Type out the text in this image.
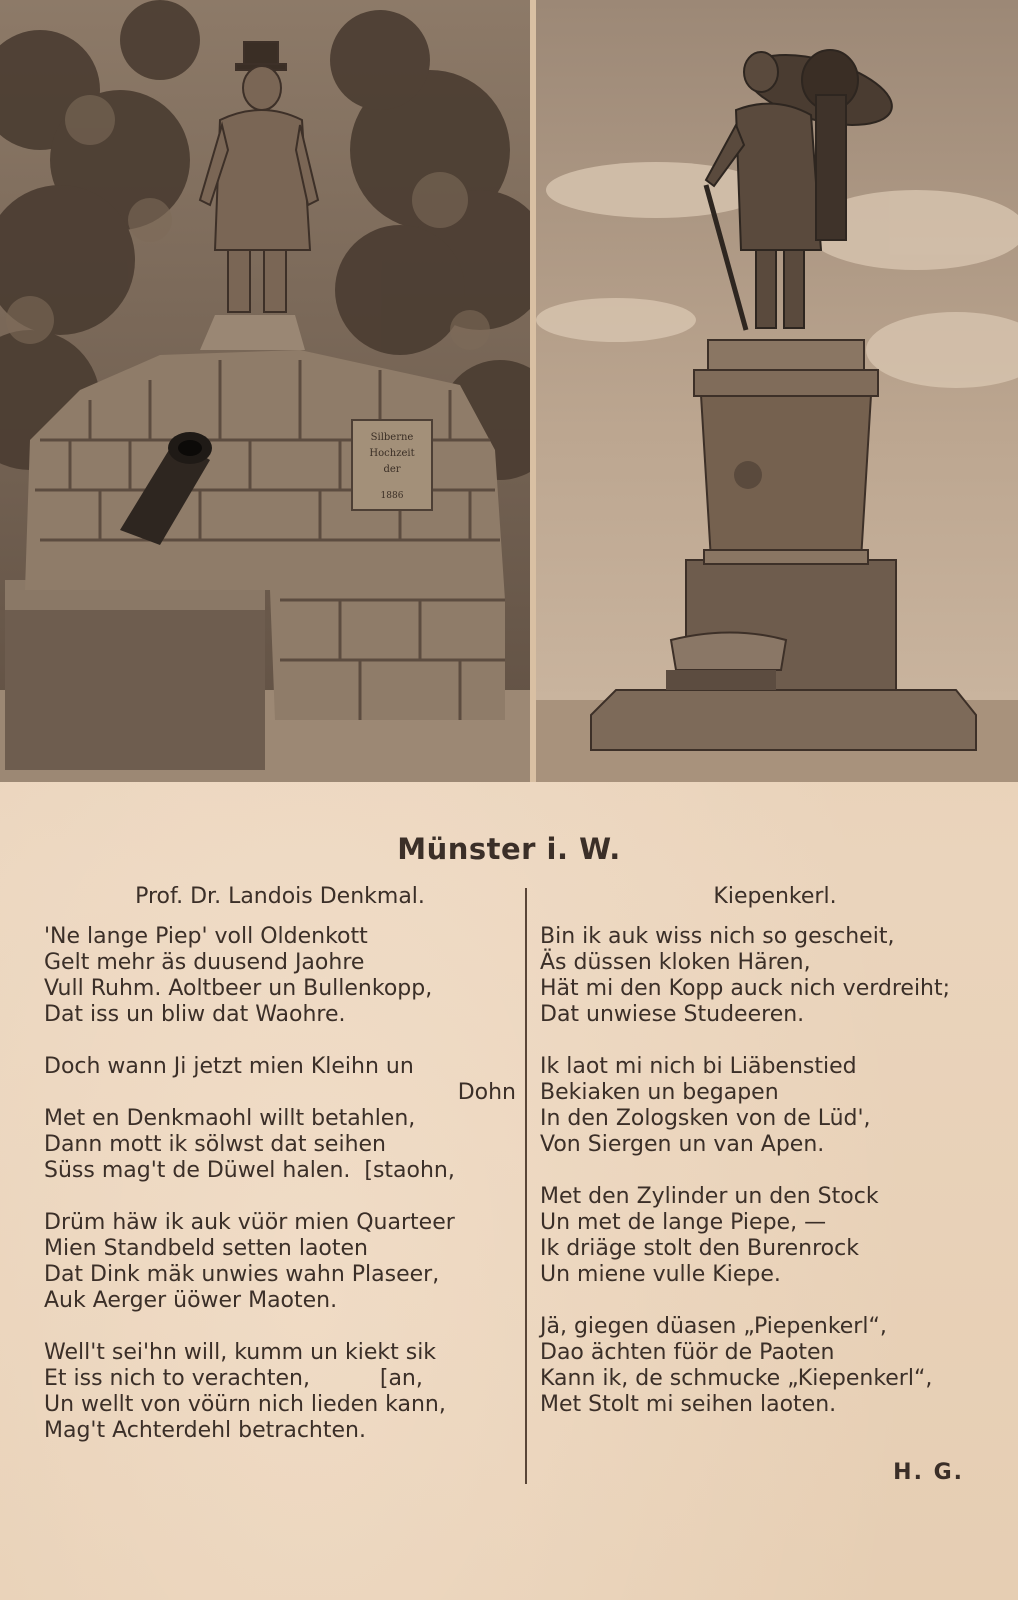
Silberne
Hochzeit
der
1886
Münster i. W.
Prof. Dr. Landois Denkmal.
'Ne lange Piep' voll Oldenkott
Gelt mehr äs duusend Jaohre
Vull Ruhm. Aoltbeer un Bullenkopp,
Dat iss un bliw dat Waohre.
Doch wann Ji jetzt mien Kleihn un
Dohn
Met en Denkmaohl willt betahlen,
Dann mott ik sölwst dat seihen
Süss mag't de Düwel halen.  [staohn,
Drüm häw ik auk vüör mien Quarteer
Mien Standbeld setten laoten
Dat Dink mäk unwies wahn Plaseer,
Auk Aerger üöwer Maoten.
Well't sei'hn will, kumm un kiekt sik
Et iss nich to verachten,          [an,
Un wellt von vöürn nich lieden kann,
Mag't Achterdehl betrachten.
Kiepenkerl.
Bin ik auk wiss nich so gescheit,
Äs düssen kloken Hären,
Hät mi den Kopp auck nich verdreiht;
Dat unwiese Studeeren.
Ik laot mi nich bi Liäbenstied
Bekiaken un begapen
In den Zologsken von de Lüd',
Von Siergen un van Apen.
Met den Zylinder un den Stock
Un met de lange Piepe, —
Ik driäge stolt den Burenrock
Un miene vulle Kiepe.
Jä, giegen düasen „Piepenkerl“,
Dao ächten füör de Paoten
Kann ik, de schmucke „Kiepenkerl“,
Met Stolt mi seihen laoten.
H. G.
